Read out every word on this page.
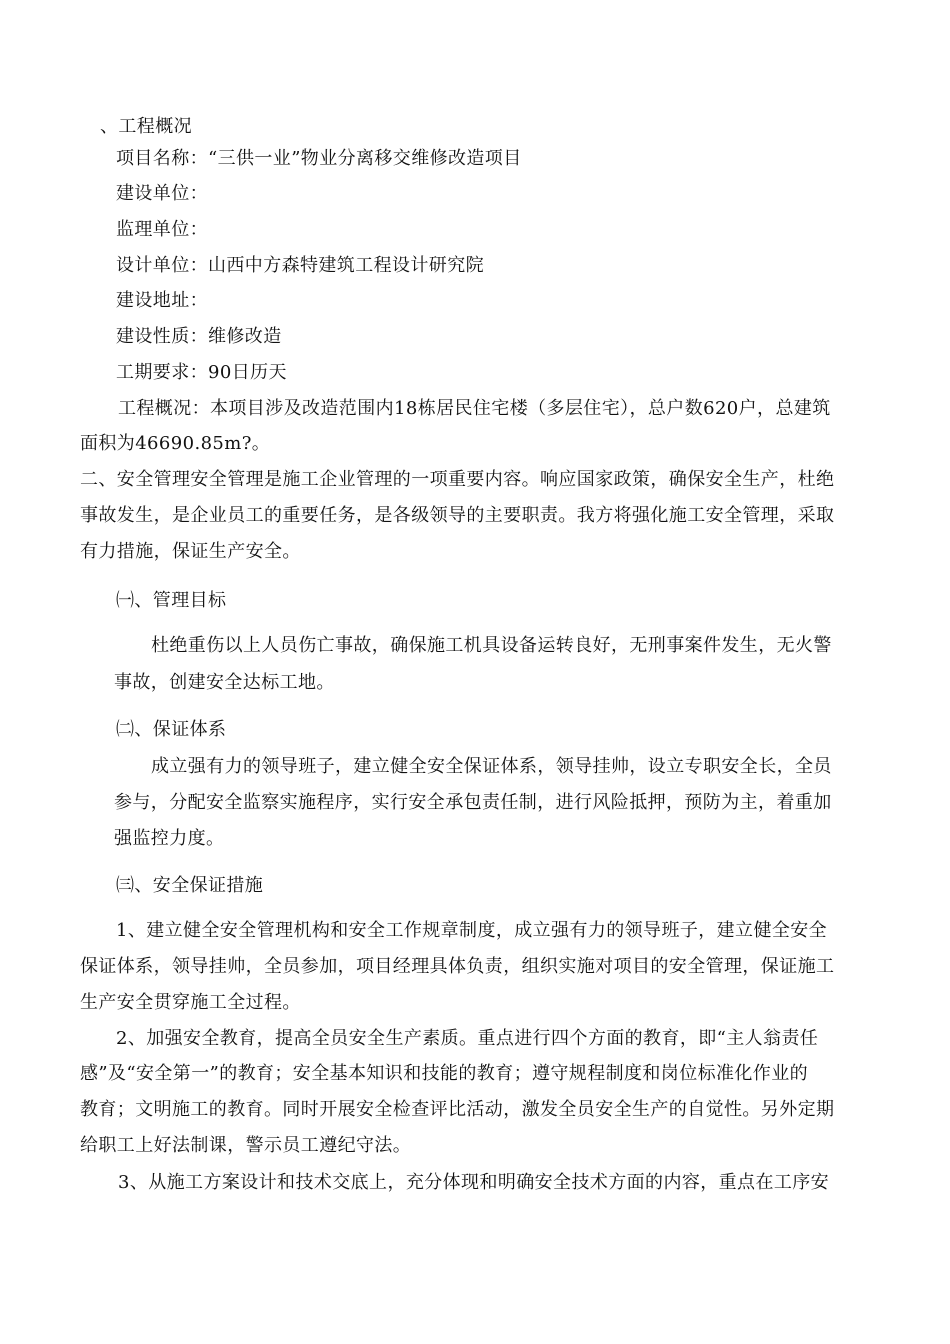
、工程概况
项目名称：“三供一业”物业分离移交维修改造项目
建设单位：
监理单位：
设计单位：山西中方森特建筑工程设计研究院
建设地址：
建设性质：维修改造
工期要求：90日历天
工程概况：本项目涉及改造范围内18栋居民住宅楼（多层住宅），总户数620户，总建筑
面积为46690.85m?。
二、安全管理安全管理是施工企业管理的一项重要内容。响应国家政策，确保安全生产，杜绝
事故发生，是企业员工的重要任务，是各级领导的主要职责。我方将强化施工安全管理，采取
有力措施，保证生产安全。
㈠、管理目标
杜绝重伤以上人员伤亡事故，确保施工机具设备运转良好，无刑事案件发生，无火警
事故，创建安全达标工地。
㈡、保证体系
成立强有力的领导班子，建立健全安全保证体系，领导挂帅，设立专职安全长，全员
参与，分配安全监察实施程序，实行安全承包责任制，进行风险抵押，预防为主，着重加
强监控力度。
㈢、安全保证措施
1、建立健全安全管理机构和安全工作规章制度，成立强有力的领导班子，建立健全安全
保证体系，领导挂帅，全员参加，项目经理具体负责，组织实施对项目的安全管理，保证施工
生产安全贯穿施工全过程。
2、加强安全教育，提高全员安全生产素质。重点进行四个方面的教育，即“主人翁责任
感”及“安全第一”的教育；安全基本知识和技能的教育；遵守规程制度和岗位标准化作业的
教育；文明施工的教育。同时开展安全检查评比活动，激发全员安全生产的自觉性。另外定期
给职工上好法制课，警示员工遵纪守法。
3、从施工方案设计和技术交底上，充分体现和明确安全技术方面的内容，重点在工序安
